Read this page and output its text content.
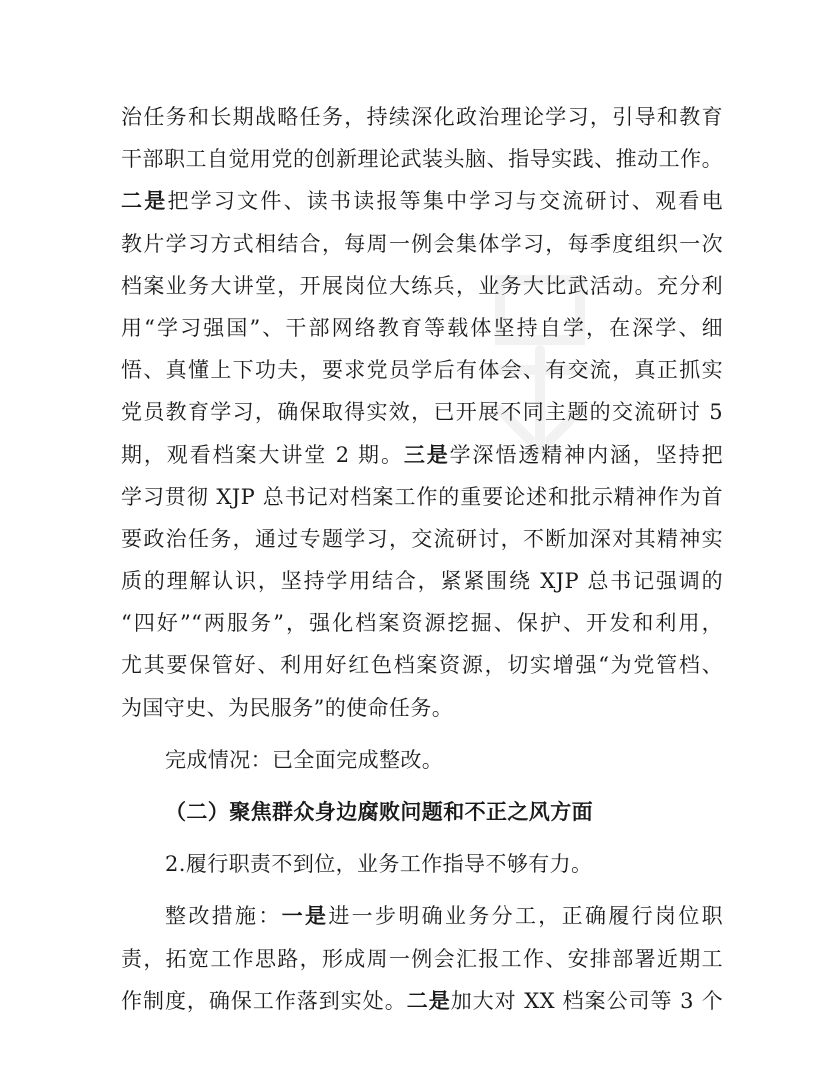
治任务和长期战略任务，持续深化政治理论学习，引导和教育
干部职工自觉用党的创新理论武装头脑、指导实践、推动工作。
二是把学习文件、读书读报等集中学习与交流研讨、观看电
教片学习方式相结合，每周一例会集体学习，每季度组织一次
档案业务大讲堂，开展岗位大练兵，业务大比武活动。充分利
用“学习强国”、干部网络教育等载体坚持自学，在深学、细
悟、真懂上下功夫，要求党员学后有体会、有交流，真正抓实
党员教育学习，确保取得实效，已开展不同主题的交流研讨 5
期，观看档案大讲堂 2 期。三是学深悟透精神内涵，坚持把
学习贯彻 XJP 总书记对档案工作的重要论述和批示精神作为首
要政治任务，通过专题学习，交流研讨，不断加深对其精神实
质的理解认识，坚持学用结合，紧紧围绕 XJP 总书记强调的
“四好”“两服务”，强化档案资源挖掘、保护、开发和利用，
尤其要保管好、利用好红色档案资源，切实增强“为党管档、
为国守史、为民服务”的使命任务。
完成情况：已全面完成整改。
（二）聚焦群众身边腐败问题和不正之风方面
2.履行职责不到位，业务工作指导不够有力。
整改措施：一是进一步明确业务分工，正确履行岗位职
责，拓宽工作思路，形成周一例会汇报工作、安排部署近期工
作制度，确保工作落到实处。二是加大对 XX 档案公司等 3 个
